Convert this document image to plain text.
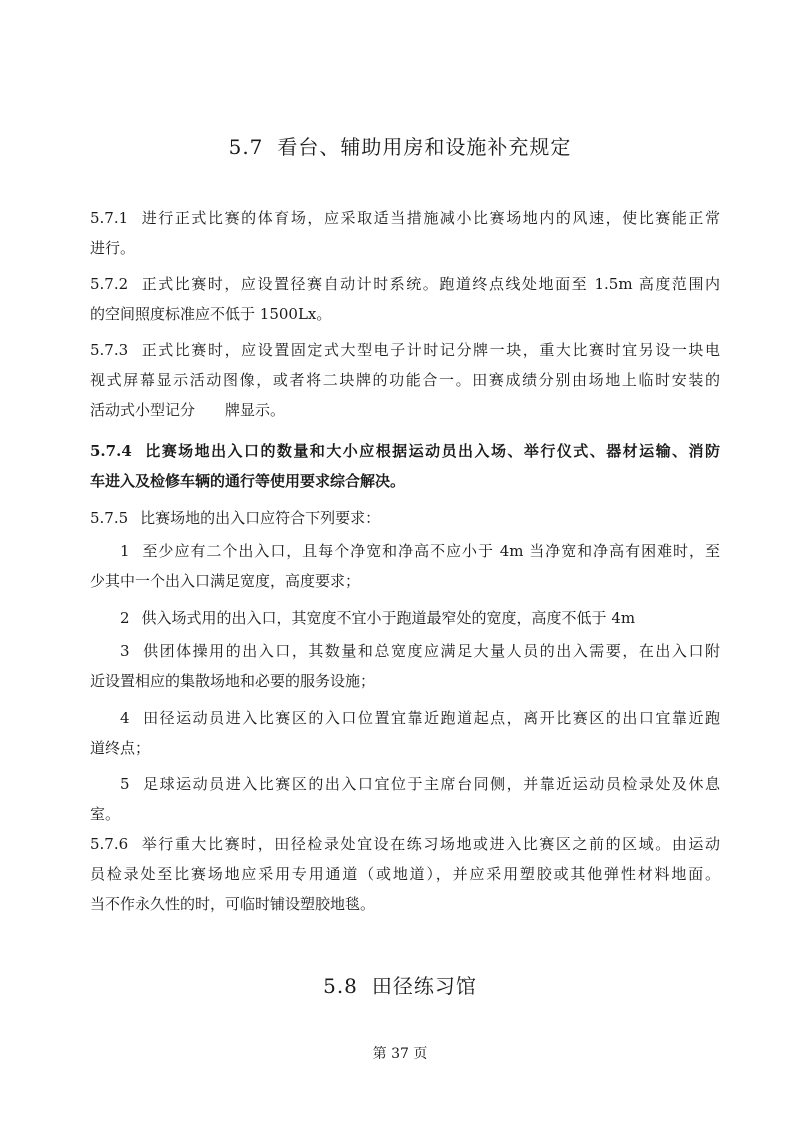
5.7 看台、辅助用房和设施补充规定
5.7.1 进行正式比赛的体育场，应采取适当措施减小比赛场地内的风速，使比赛能正常
进行。
5.7.2 正式比赛时，应设置径赛自动计时系统。跑道终点线处地面至 1.5m 高度范围内
的空间照度标准应不低于 1500Lx。
5.7.3 正式比赛时，应设置固定式大型电子计时记分牌一块，重大比赛时宜另设一块电
视式屏幕显示活动图像，或者将二块牌的功能合一。田赛成绩分别由场地上临时安装的
活动式小型记分　　牌显示。
5.7.4 比赛场地出入口的数量和大小应根据运动员出入场、举行仪式、器材运输、消防
车进入及检修车辆的通行等使用要求综合解决。
5.7.5 比赛场地的出入口应符合下列要求：
1 至少应有二个出入口，且每个净宽和净高不应小于 4m 当净宽和净高有困难时，至
少其中一个出入口满足宽度，高度要求；
2 供入场式用的出入口，其宽度不宜小于跑道最窄处的宽度，高度不低于 4m
3 供团体操用的出入口，其数量和总宽度应满足大量人员的出入需要，在出入口附
近设置相应的集散场地和必要的服务设施；
4 田径运动员进入比赛区的入口位置宜靠近跑道起点，离开比赛区的出口宜靠近跑
道终点；
5 足球运动员进入比赛区的出入口宜位于主席台同侧，并靠近运动员检录处及休息
室。
5.7.6 举行重大比赛时，田径检录处宜设在练习场地或进入比赛区之前的区域。由运动
员检录处至比赛场地应采用专用通道（或地道），并应采用塑胶或其他弹性材料地面。
当不作永久性的时，可临时铺设塑胶地毯。
5.8 田径练习馆
第 37 页
